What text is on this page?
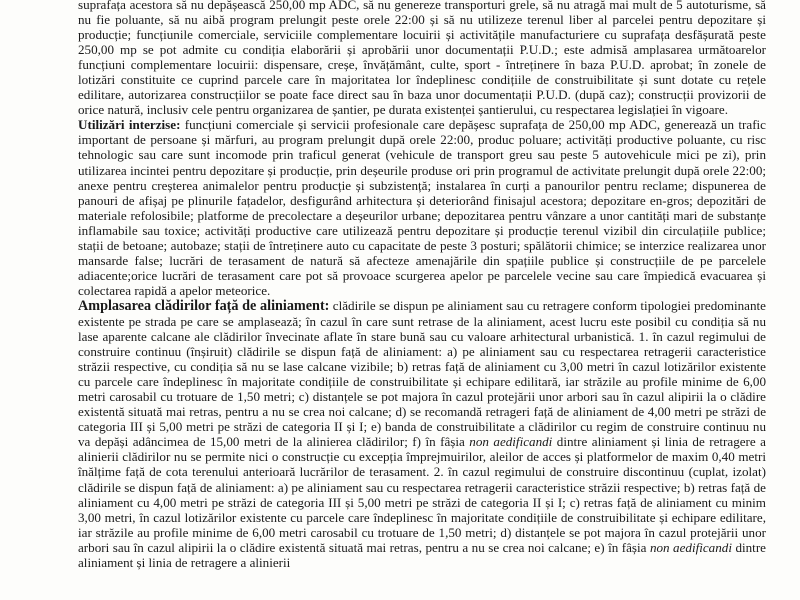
suprafața acestora să nu depășească 250,00 mp ADC, să nu genereze transporturi grele, să nu atragă mai mult de 5 autoturisme, să nu fie poluante, să nu aibă program prelungit peste orele 22:00 și să nu utilizeze terenul liber al parcelei pentru depozitare și producție; funcțiunile comerciale, serviciile complementare locuirii și activitățile manufacturiere cu suprafața desfășurată peste 250,00 mp se pot admite cu condiția elaborării și aprobării unor documentații P.U.D.; este admisă amplasarea următoarelor funcțiuni complementare locuirii: dispensare, creșe, învățământ, culte, sport - întreținere în baza P.U.D. aprobat; în zonele de lotizări constituite ce cuprind parcele care în majoritatea lor îndeplinesc condițiile de construibilitate și sunt dotate cu rețele edilitare, autorizarea construcțiilor se poate face direct sau în baza unor documentații P.U.D. (după caz); construcții provizorii de orice natură, inclusiv cele pentru organizarea de șantier, pe durata existenței șantierului, cu respectarea legislației în vigoare.

Utilizări interzise: funcțiuni comerciale și servicii profesionale care depășesc suprafața de 250,00 mp ADC, generează un trafic important de persoane și mărfuri, au program prelungit după orele 22:00, produc poluare; activități productive poluante, cu risc tehnologic sau care sunt incomode prin traficul generat (vehicule de transport greu sau peste 5 autovehicule mici pe zi), prin utilizarea incintei pentru depozitare și producție, prin deșeurile produse ori prin programul de activitate prelungit după orele 22:00; anexe pentru creșterea animalelor pentru producție și subzistență; instalarea în curți a panourilor pentru reclame; dispunerea de panouri de afișaj pe plinurile fațadelor, desfigurând arhitectura și deteriorând finisajul acestora; depozitare en-gros; depozitări de materiale refolosibile; platforme de precolectare a deșeurilor urbane; depozitarea pentru vânzare a unor cantități mari de substanțe inflamabile sau toxice; activități productive care utilizează pentru depozitare și producție terenul vizibil din circulațiile publice; stații de betoane; autobaze; stații de întreținere auto cu capacitate de peste 3 posturi; spălătorii chimice; se interzice realizarea unor mansarde false; lucrări de terasament de natură să afecteze amenajările din spațiile publice și construcțiile de pe parcelele adiacente;orice lucrări de terasament care pot să provoace scurgerea apelor pe parcelele vecine sau care împiedică evacuarea și colectarea rapidă a apelor meteorice.

Amplasarea clădirilor față de aliniament: clădirile se dispun pe aliniament sau cu retragere conform tipologiei predominante existente pe strada pe care se amplasează; în cazul în care sunt retrase de la aliniament, acest lucru este posibil cu condiția să nu lase aparente calcane ale clădirilor învecinate aflate în stare bună sau cu valoare arhitectural urbanistică. 1. în cazul regimului de construire continuu (înșiruit) clădirile se dispun față de aliniament: a) pe aliniament sau cu respectarea retragerii caracteristice străzii respective, cu condiția să nu se lase calcane vizibile; b) retras față de aliniament cu 3,00 metri în cazul lotizărilor existente cu parcele care îndeplinesc în majoritate condițiile de construibilitate și echipare edilitară, iar străzile au profile minime de 6,00 metri carosabil cu trotuare de 1,50 metri; c) distanțele se pot majora în cazul protejării unor arbori sau în cazul alipirii la o clădire existentă situată mai retras, pentru a nu se crea noi calcane; d) se recomandă retrageri față de aliniament de 4,00 metri pe străzi de categoria III și 5,00 metri pe străzi de categoria II și I; e) banda de construibilitate a clădirilor cu regim de construire continuu nu va depăși adâncimea de 15,00 metri de la alinierea clădirilor; f) în fâșia non aedificandi dintre aliniament și linia de retragere a alinierii clădirilor nu se permite nici o construcție cu excepția împrejmuirilor, aleilor de acces și platformelor de maxim 0,40 metri înălțime față de cota terenului anterioară lucrărilor de terasament. 2. în cazul regimului de construire discontinuu (cuplat, izolat) clădirile se dispun față de aliniament: a) pe aliniament sau cu respectarea retragerii caracteristice străzii respective; b) retras față de aliniament cu 4,00 metri pe străzi de categoria III și 5,00 metri pe străzi de categoria II și I; c) retras față de aliniament cu minim 3,00 metri, în cazul lotizărilor existente cu parcele care îndeplinesc în majoritate condițiile de construibilitate și echipare edilitare, iar străzile au profile minime de 6,00 metri carosabil cu trotuare de 1,50 metri; d) distanțele se pot majora în cazul protejării unor arbori sau în cazul alipirii la o clădire existentă situată mai retras, pentru a nu se crea noi calcane; e) în fâșia non aedificandi dintre aliniament și linia de retragere a alinierii
